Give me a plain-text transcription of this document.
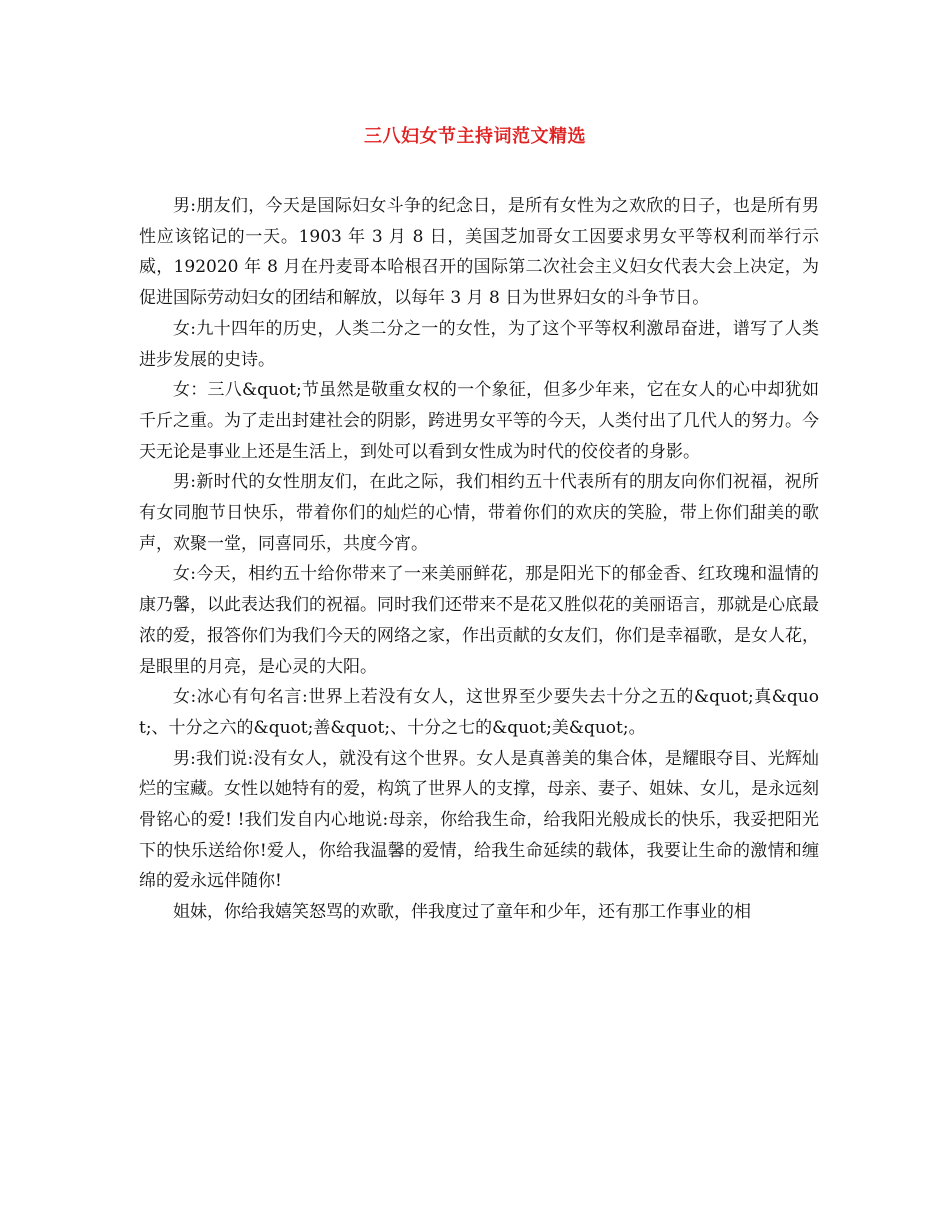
三八妇女节主持词范文精选

男:朋友们，今天是国际妇女斗争的纪念日，是所有女性为之欢欣的日子，也是所有男性应该铭记的一天。1903 年 3 月 8 日，美国芝加哥女工因要求男女平等权利而举行示威，192020 年 8 月在丹麦哥本哈根召开的国际第二次社会主义妇女代表大会上决定，为促进国际劳动妇女的团结和解放，以每年 3 月 8 日为世界妇女的斗争节日。

女:九十四年的历史，人类二分之一的女性，为了这个平等权利激昂奋进，谱写了人类进步发展的史诗。

女：三八&quot;节虽然是敬重女权的一个象征，但多少年来，它在女人的心中却犹如千斤之重。为了走出封建社会的阴影，跨进男女平等的今天，人类付出了几代人的努力。今天无论是事业上还是生活上，到处可以看到女性成为时代的佼佼者的身影。

男:新时代的女性朋友们，在此之际，我们相约五十代表所有的朋友向你们祝福，祝所有女同胞节日快乐，带着你们的灿烂的心情，带着你们的欢庆的笑脸，带上你们甜美的歌声，欢聚一堂，同喜同乐，共度今宵。

女:今天，相约五十给你带来了一来美丽鲜花，那是阳光下的郁金香、红玫瑰和温情的康乃馨，以此表达我们的祝福。同时我们还带来不是花又胜似花的美丽语言，那就是心底最浓的爱，报答你们为我们今天的网络之家，作出贡献的女友们，你们是幸福歌，是女人花，是眼里的月亮，是心灵的大阳。

女:冰心有句名言:世界上若没有女人，这世界至少要失去十分之五的&quot;真&quot;、十分之六的&quot;善&quot;、十分之七的&quot;美&quot;。

男:我们说:没有女人，就没有这个世界。女人是真善美的集合体，是耀眼夺目、光辉灿烂的宝藏。女性以她特有的爱，构筑了世界人的支撑，母亲、妻子、姐妹、女儿，是永远刻骨铭心的爱! !我们发自内心地说:母亲，你给我生命，给我阳光般成长的快乐，我妥把阳光下的快乐送给你!爱人，你给我温馨的爱情，给我生命延续的载体，我要让生命的激情和缠绵的爱永远伴随你!

姐妹，你给我嬉笑怒骂的欢歌，伴我度过了童年和少年，还有那工作事业的相
